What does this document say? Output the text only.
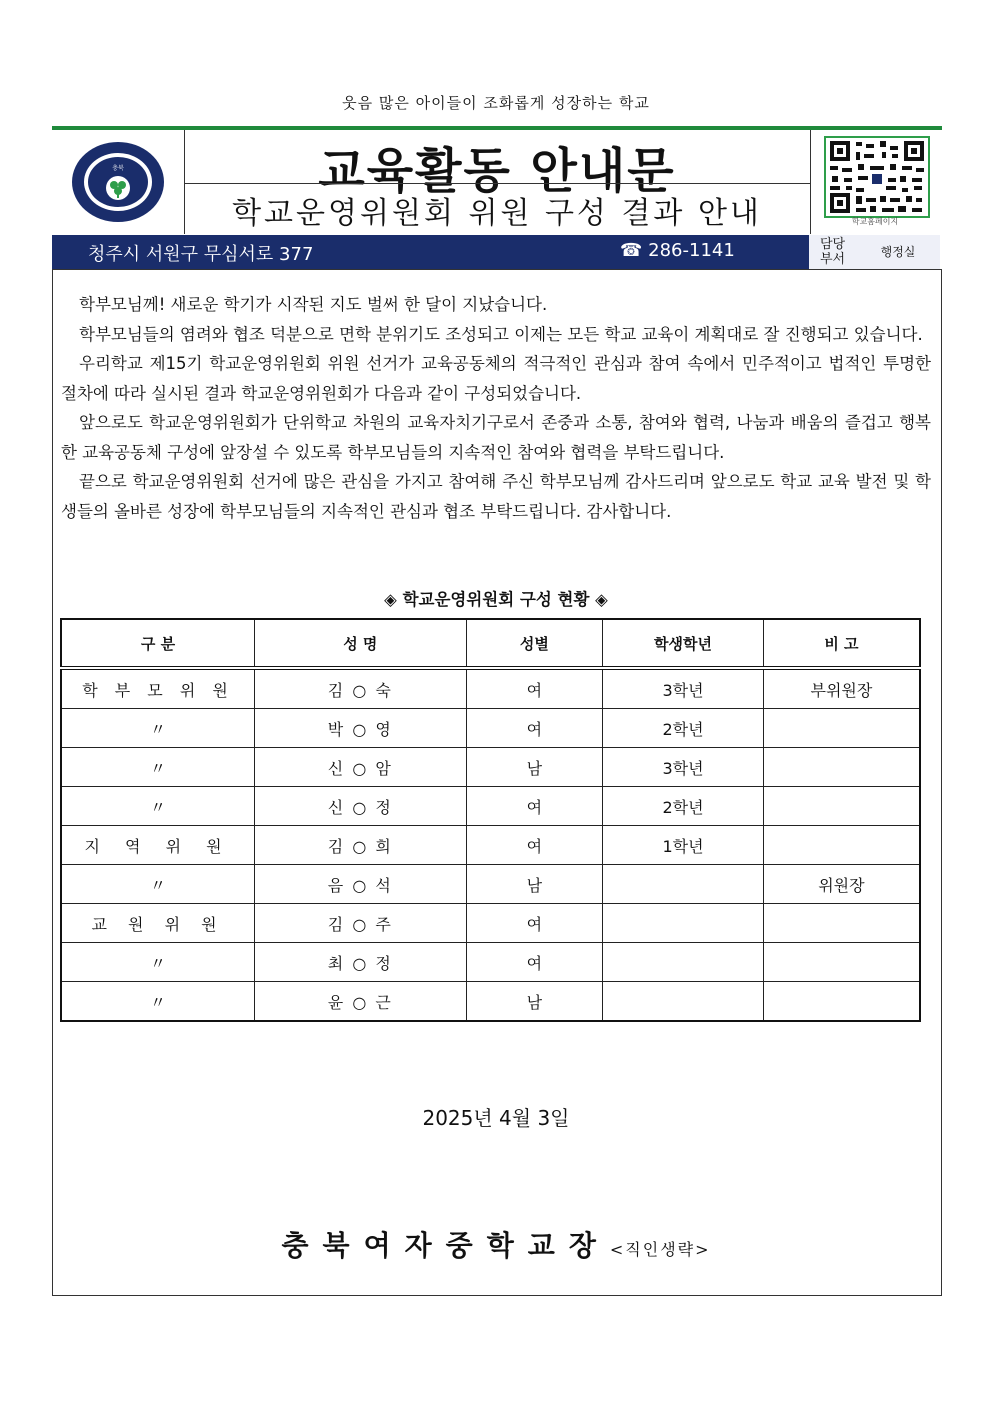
웃음 많은 아이들이 조화롭게 성장하는 학교
충북	교육활동 안내문
학교운영위원회 위원 구성 결과 안내	학교홈페이지
청주시 서원구 무심서로 377	☎ 286-1141	담당
부서	행정실

학부모님께! 새로운 학기가 시작된 지도 벌써 한 달이 지났습니다.

학부모님들의 염려와 협조 덕분으로 면학 분위기도 조성되고 이제는 모든 학교 교육이 계획대로 잘 진행되고 있습니다.

우리학교 제15기 학교운영위원회 위원 선거가 교육공동체의 적극적인 관심과 참여 속에서 민주적이고 법적인 투명한 절차에 따라 실시된 결과 학교운영위원회가 다음과 같이 구성되었습니다.

앞으로도 학교운영위원회가 단위학교 차원의 교육자치기구로서 존중과 소통, 참여와 협력, 나눔과 배움의 즐겁고 행복한 교육공동체 구성에 앞장설 수 있도록 학부모님들의 지속적인 참여와 협력을 부탁드립니다.

끝으로 학교운영위원회 선거에 많은 관심을 가지고 참여해 주신 학부모님께 감사드리며 앞으로도 학교 교육 발전 및 학생들의 올바른 성장에 학부모님들의 지속적인 관심과 협조 부탁드립니다. 감사합니다.

◈ 학교운영위원회 구성 현황 ◈
구 분	성 명	성별	학생학년	비 고
학 부 모 위 원	김 ○ 숙	여	3학년	부위원장
〃	박 ○ 영	여	2학년	
〃	신 ○ 암	남	3학년	
〃	신 ○ 정	여	2학년	
지 역 위 원	김 ○ 희	여	1학년	
〃	음 ○ 석	남		위원장
교 원 위 원	김 ○ 주	여		
〃	최 ○ 정	여		
〃	윤 ○ 근	남		
2025년 4월 3일
충북여자중학교장<직인생략>
